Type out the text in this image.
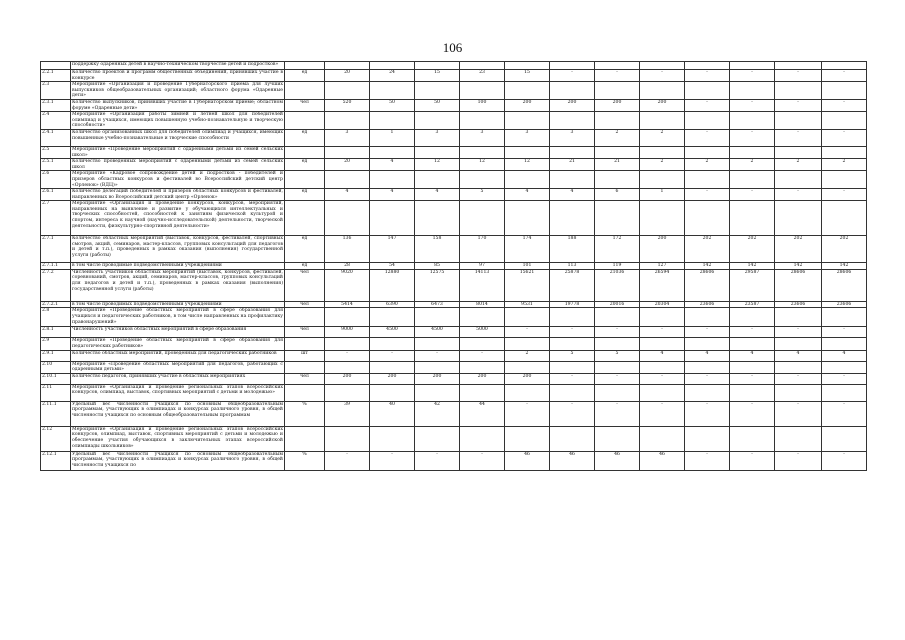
106
	поддержку одаренных детей в научно-техническом творчестве детей и подростков»													
2.2.1	Количество проектов и программ общественных объединений, принявших участие в конкурсе	ед	20	24	15	23	15	-	-	-	-	-	-	-
2.3	Мероприятие «Организация и проведение Губернаторского приема для лучших выпускников общеобразовательных организаций; областного форума «Одаренные дети»													
2.3.1	Количество выпускников, принявших участие в Губернаторском приеме; областном форуме «Одаренные дети»	чел	520	50	50	100	200	200	200	200	-	-	-	-
2.4	Мероприятие «Организация работы зимней и летней школ для победителей олимпиад и учащихся, имеющих повышенную учебно-познавательную и творческую способности»													
2.4.1	Количество организованных школ для победителей олимпиад и учащихся, имеющих повышенные учебно-познавательные и творческие способности	ед	3	1	3	3	3	3	2	2	-	-	-	-
2.5	Мероприятие «Проведение мероприятий с одаренными детьми из семей сельских школ»													
2.5.1	Количество проведенных мероприятий с одаренными детьми из семей сельских школ	ед	20	4	12	12	12	21	21	2	2	2	2	2
2.6	Мероприятие «Кадровое сопровождение детей и подростков - победителей и призеров областных конкурсов и фестивалей во Всероссийский детский центр «Орленок» (ВДЦ)»													
2.6.1	Количество делегаций победителей и призеров областных конкурсов и фестивалей, направленных во Всероссийский детский центр «Орленок»	ед	4	4	4	5	4	4	6	1	-	-	-	-
2.7	Мероприятие «Организация и проведение конкурсов, конкурсов, мероприятий, направленных на выявление и развитие у обучающихся интеллектуальных и творческих способностей, способностей к занятиям физической культурой и спортом, интереса к научной (научно-исследовательской) деятельности, творческой деятельности, физкультурно-спортивной деятельности»													
2.7.1	Количество областных мероприятий (выставок, конкурсов, фестивалей, спортивных смотров, акций, семинаров, мастер-классов, групповых консультаций для педагогов и детей и т.п.), проведенных в рамках оказания (выполнения) государственной услуги (работы)	ед	136	147	158	170	174	188	172	200	202	202	202	202
2.7.1.1	в том числе проводимые подведомственными учреждениями	ед	28	54	85	97	101	113	119	127	142	142	142	142
2.7.2	Численность участников областных мероприятий (выставок, конкурсов, фестивалей, соревнований, смотров, акций, семинаров, мастер-классов, групповых консультаций для педагогов и детей и т.п.), проведенных в рамках оказания (выполнения) государственной услуги (работы)	чел	9020	12880	12575	14113	15621	25878	21036	26594	28606	29587	28606	28606
2.7.2.1	в том числе проводимых подведомственными учреждениями	чел	5414	6390	6473	8014	9531	19778	20016	20304	23606	23587	23606	23606
2.8	Мероприятие «Проведение областных мероприятий в сфере образования для учащихся и педагогических работников, в том числе направленных на профилактику правонарушений»													
2.8.1	Численность участников областных мероприятий в сфере образования	чел	9000	4500	4500	5000	-	-	-	-	-	-	-	-
2.9	Мероприятие «Проведение областных мероприятий в сфере образования для педагогических работников»													
2.9.1	Количество областных мероприятий, проведенных для педагогических работников	шт	-	-	-	-	2	5	5	4	4	4	4	4
2.10	Мероприятие «Проведение областных мероприятий для педагогов, работающих с одаренными детьми»													
2.10.1	Количество педагогов, принявших участие в областных мероприятиях	чел	200	200	200	200	200	-	-	-	-	-	-	-
2.11	Мероприятие «Организация и проведение региональных этапов всероссийских конкурсов, олимпиад, выставок, спортивных мероприятий с детьми и молодежью»													
2.11.1	Удельный вес численности учащихся по основным общеобразовательным программам, участвующих в олимпиадах и конкурсах различного уровня, в общей численности учащихся по основным общеобразовательным программам	%	39	40	42	44	-	-	-	-	-	-	-	-
2.12	Мероприятие «Организация и проведение региональных этапов всероссийских конкурсов, олимпиад, выставок, спортивных мероприятий с детьми и молодежью и обеспечение участия обучающихся в заключительных этапах всероссийской олимпиады школьников»													
2.12.1	Удельный вес численности учащихся по основным общеобразовательным программам, участвующих в олимпиадах и конкурсах различного уровня, в общей численности учащихся по	%	-	-	-	-	46	46	46	46	-	-	-	-
